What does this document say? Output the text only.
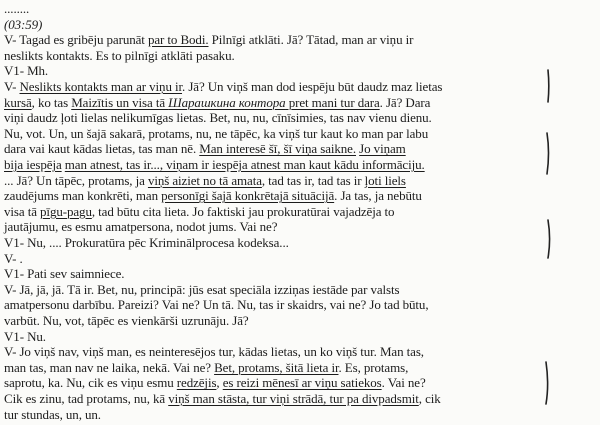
........
(03:59)
V- Tagad es gribēju parunāt par to Bodi. Pilnīgi atklāti. Jā? Tātad, man ar viņu ir
neslikts kontakts. Es to pilnīgi atklāti pasaku.
V1- Mh.
V- Neslikts kontakts man ar viņu ir. Jā? Un viņš man dod iespēju būt daudz maz lietas
kursā, ko tas Maizītis un visa tā Шарашкина контора pret mani tur dara. Jā? Dara
viņi daudz ļoti lielas nelikumīgas lietas. Bet, nu, nu, cīnīsimies, tas nav vienu dienu.
Nu, vot. Un, un šajā sakarā, protams, nu, ne tāpēc, ka viņš tur kaut ko man par labu
dara vai kaut kādas lietas, tas man nē. Man interesē šī, šī viņa saikne. Jo viņam
bija iespēja man atnest, tas ir..., viņam ir iespēja atnest man kaut kādu informāciju.
... Jā? Un tāpēc, protams, ja viņš aiziet no tā amata, tad tas ir, tad tas ir ļoti liels
zaudējums man konkrēti, man personīgi šajā konkrētajā situācijā. Ja tas, ja nebūtu
visa tā pīgu-pagu, tad būtu cita lieta. Jo faktiski jau prokuratūrai vajadzēja to
jautājumu, es esmu amatpersona, nodot jums. Vai ne?
V1- Nu, .... Prokuratūra pēc Kriminālprocesa kodeksa...
V- .
V1- Pati sev saimniece.
V- Jā, jā, jā. Tā ir. Bet, nu, principā: jūs esat speciāla izziņas iestāde par valsts
amatpersonu darbību. Pareizi? Vai ne? Un tā. Nu, tas ir skaidrs, vai ne? Jo tad būtu,
varbūt. Nu, vot, tāpēc es vienkārši uzrunāju. Jā?
V1- Nu.
V- Jo viņš nav, viņš man, es neinteresējos tur, kādas lietas, un ko viņš tur. Man tas,
man tas, man nav ne laika, nekā. Vai ne? Bet, protams, šitā lieta ir. Es, protams,
saprotu, ka. Nu, cik es viņu esmu redzējis, es reizi mēnesī ar viņu satiekos. Vai ne?
Cik es zinu, tad protams, nu, kā viņš man stāsta, tur viņi strādā, tur pa divpadsmit, cik
tur stundas, un, un.
